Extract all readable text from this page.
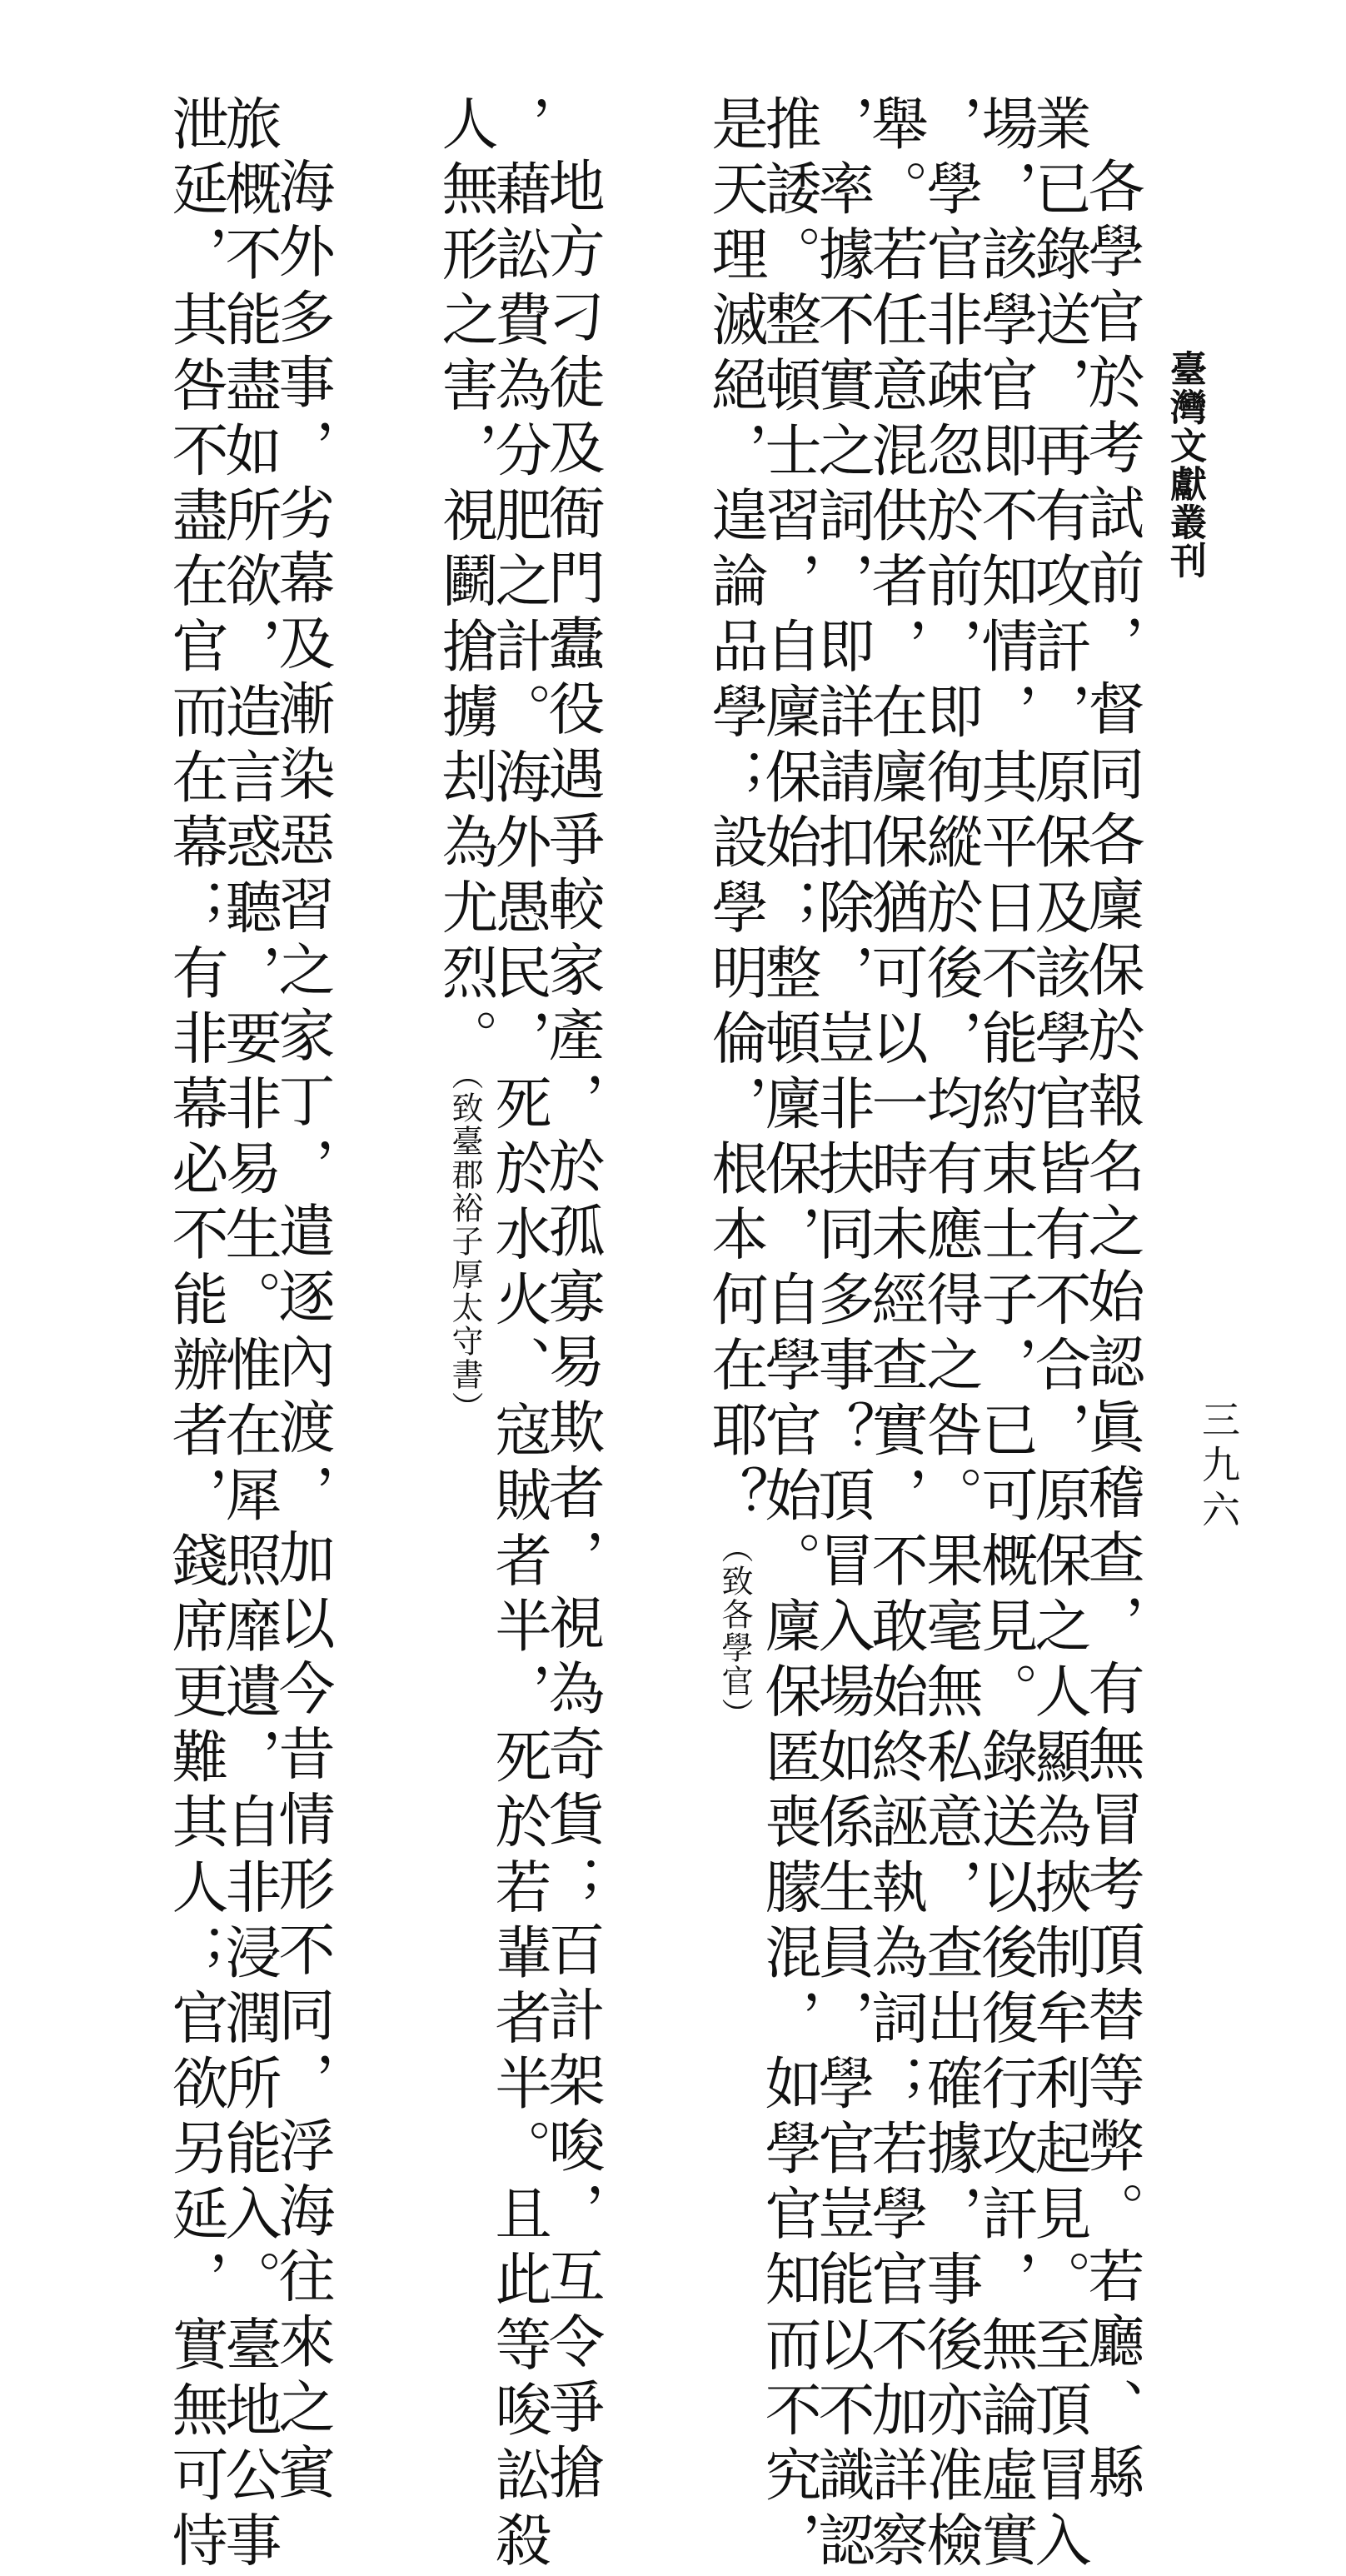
臺灣文獻叢刊
三九六
各學官於考試前，督同各廩保於報名之始認眞稽查，有無冒考頂替等弊。若廳、縣
業已錄送，再有攻訐，原保及該學官皆有不合，原保之人顯為挾制牟利起見。至頂冒入
場，該學官即不知情，其平日不能約束士子，已可概見。錄送以後復行攻訐，無論虛實
，學官非疎忽於前，即徇縱於後，均有應得之咎。果毫無私意，查出確據，事後亦准檢
舉。若任意混供者，在廩保猶可以一時未經查實，不敢始終誣執為詞；若學官不加詳察
，率據不實之詞，即詳請扣除，豈非扶同多事？頂冒入場如係生員，學官豈能以不識認
推諉。整頓士習，自廩保始；整頓廩保，自學官始。廩保匿喪朦混，如學官知而不究，
是天理滅絕，遑論品學；設學明倫，根本何在耶？（致各學官）
地方刁徒及衙門蠹役遇爭較家產，於孤寡易欺者，視為奇貨；百計架唆，互令爭搶
，藉訟費為分肥之計。海外愚民，死於水火、寇賊者半，死於若輩者半。且此等唆訟殺
人無形之害，視鬬搶擄刦為尤烈。（致臺郡裕子厚太守書）
海外多事，劣幕及漸染惡習之家丁，遣逐內渡，加以今昔情形不同，浮海往來之賓
旅概不能盡如所欲，造言惑聽，要非易生。惟在犀照靡遺，自非浸潤所能入。臺地公事
泄延，其咎不盡在官而在幕；有非幕必不能辦者，錢席更難其人；官欲另延，實無可恃
